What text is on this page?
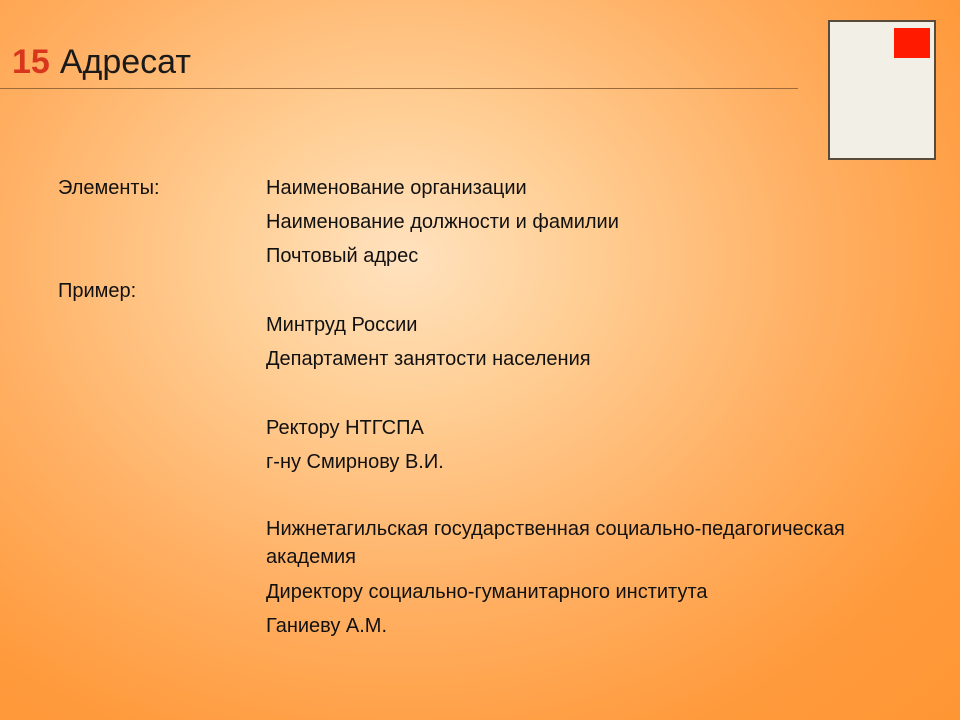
15 Адресат
Элементы:	Наименование организации
Наименование должности и фамилии
Почтовый адрес
Пример:
Минтруд России
Департамент занятости населения
Ректору НТГСПА
г-ну Смирнову В.И.
Нижнетагильская государственная социально-педагогическая
академия
Директору социально-гуманитарного института
Ганиеву А.М.
